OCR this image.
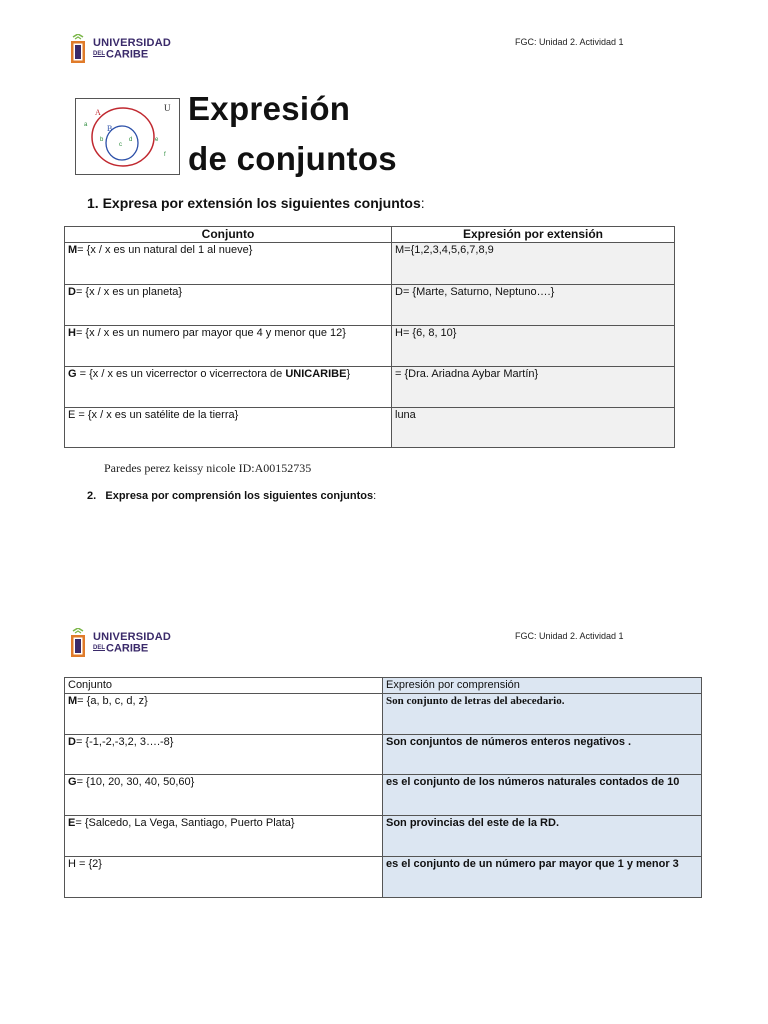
UNIVERSIDAD
DELCARIBE
FGC: Unidad 2. Actividad 1
U
A
B
a
b
c
d	e
f
Expresión
de conjuntos
1. Expresa por extensión los siguientes conjuntos:
Conjunto	Expresión por extensión
M= {x / x es un natural del 1 al nueve}	M={1,2,3,4,5,6,7,8,9
D= {x / x es un planeta}	D= {Marte, Saturno, Neptuno….}
H= {x / x es un numero par mayor que 4 y menor que 12}	H= {6, 8, 10}
G = {x / x es un vicerrector o vicerrectora de UNICARIBE}	= {Dra. Ariadna Aybar Martín}
E = {x / x es un satélite de la tierra}	luna
Paredes perez keissy nicole ID:A00152735
2. Expresa por comprensión los siguientes conjuntos:
UNIVERSIDAD
DELCARIBE
FGC: Unidad 2. Actividad 1
Conjunto	Expresión por comprensión
M= {a, b, c, d, z}	Son conjunto de letras del abecedario.
D= {-1,-2,-3,2, 3….-8}	Son conjuntos de números enteros negativos .
G= {10, 20, 30, 40, 50,60}	es el conjunto de los números naturales contados de 10
E= {Salcedo, La Vega, Santiago, Puerto Plata}	Son provincias del este de la RD.
H = {2}	es el conjunto de un número par mayor que 1 y menor 3
